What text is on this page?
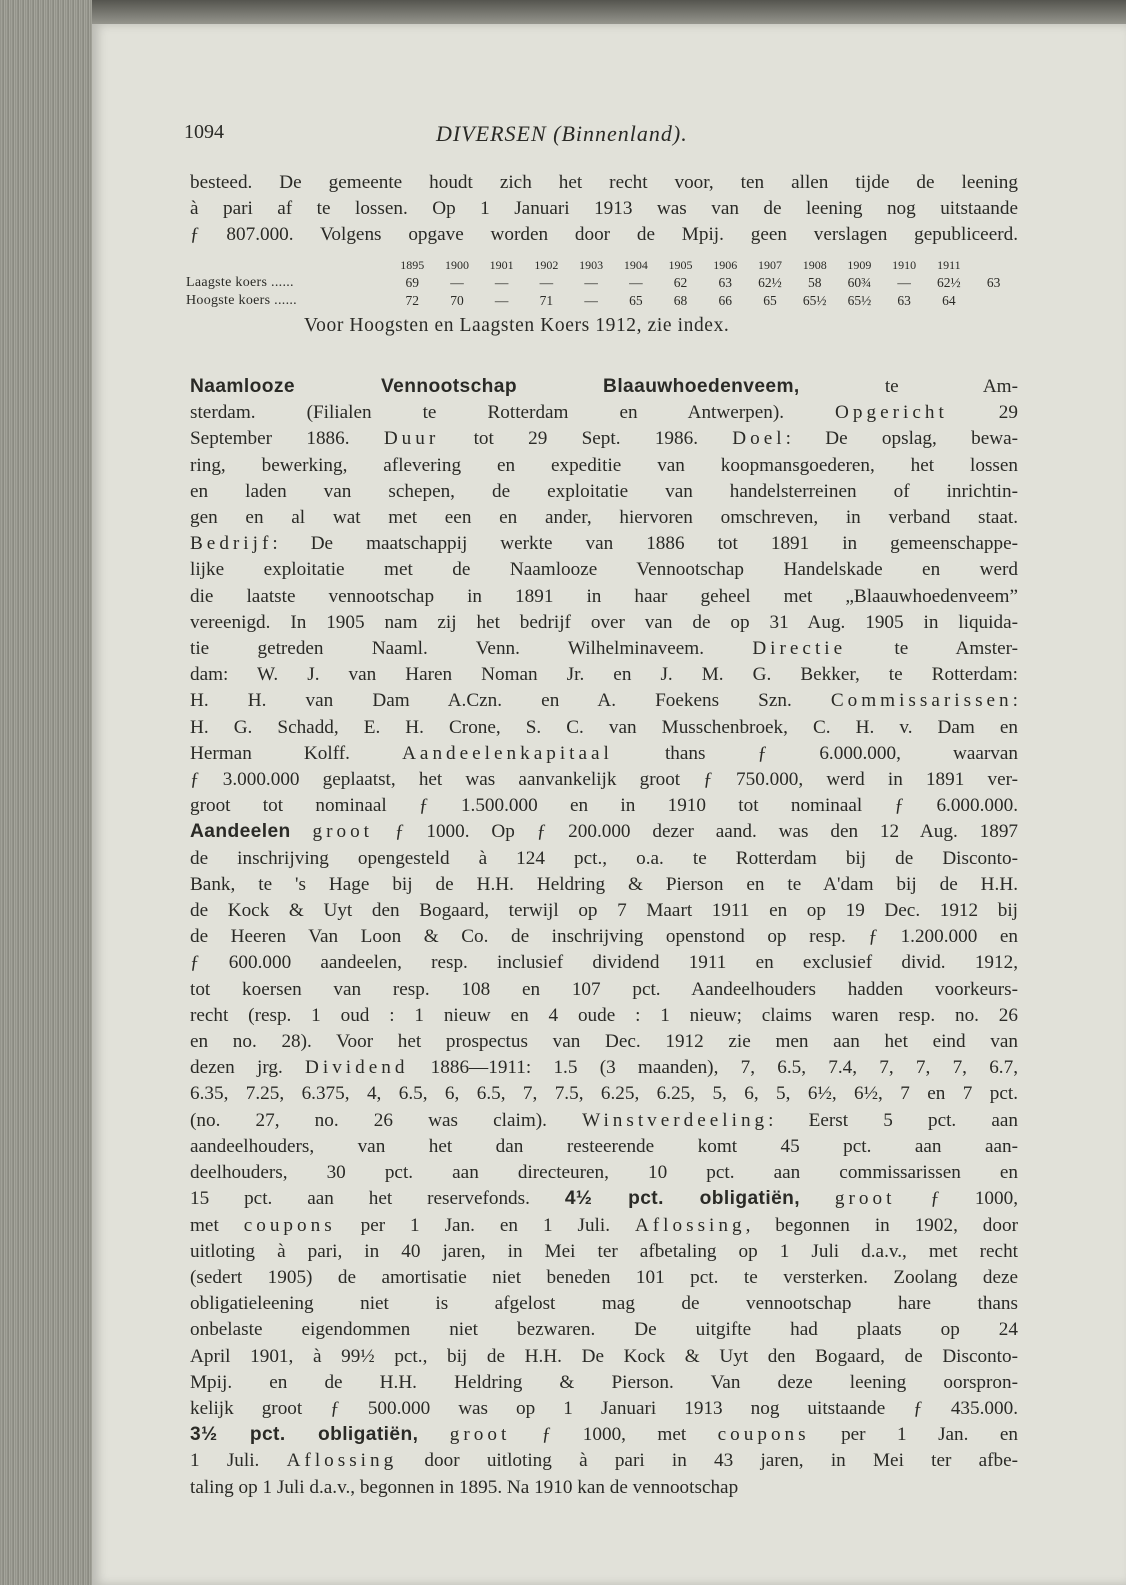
1094	DIVERSEN (Binnenland).
besteed. De gemeente houdt zich het recht voor, ten allen tijde de leening
à pari af te lossen. Op 1 Januari 1913 was van de leening nog uitstaande
ƒ 807.000. Volgens opgave worden door de Mpij. geen verslagen gepubliceerd.
	1895	1900	1901	1902	1903	1904	1905	1906	1907	1908	1909	1910	1911	
Laagste koers ......	69	—	—	—	—	—	62	63	62½	58	60¾	—	62½	63
Hoogste koers ......	72	70	—	71	—	65	68	66	65	65½	65½	63	64	
Voor Hoogsten en Laagsten Koers 1912, zie index.
Naamlooze Vennootschap Blaauwhoedenveem, te Am-
sterdam. (Filialen te Rotterdam en Antwerpen). Opgericht 29
September 1886. Duur tot 29 Sept. 1986. Doel: De opslag, bewa-
ring, bewerking, aflevering en expeditie van koopmansgoederen, het lossen
en laden van schepen, de exploitatie van handelsterreinen of inrichtin-
gen en al wat met een en ander, hiervoren omschreven, in verband staat.
Bedrijf: De maatschappij werkte van 1886 tot 1891 in gemeenschappe-
lijke exploitatie met de Naamlooze Vennootschap Handelskade en werd
die laatste vennootschap in 1891 in haar geheel met „Blaauwhoedenveem”
vereenigd. In 1905 nam zij het bedrijf over van de op 31 Aug. 1905 in liquida-
tie getreden Naaml. Venn. Wilhelminaveem. Directie te Amster-
dam: W. J. van Haren Noman Jr. en J. M. G. Bekker, te Rotterdam:
H. H. van Dam A.Czn. en A. Foekens Szn. Commissarissen:
H. G. Schadd, E. H. Crone, S. C. van Musschenbroek, C. H. v. Dam en
Herman Kolff. Aandeelenkapitaal thans ƒ 6.000.000, waarvan
ƒ 3.000.000 geplaatst, het was aanvankelijk groot ƒ 750.000, werd in 1891 ver-
groot tot nominaal ƒ 1.500.000 en in 1910 tot nominaal ƒ 6.000.000.
Aandeelen groot ƒ 1000. Op ƒ 200.000 dezer aand. was den 12 Aug. 1897
de inschrijving opengesteld à 124 pct., o.a. te Rotterdam bij de Disconto-
Bank, te 's Hage bij de H.H. Heldring & Pierson en te A'dam bij de H.H.
de Kock & Uyt den Bogaard, terwijl op 7 Maart 1911 en op 19 Dec. 1912 bij
de Heeren Van Loon & Co. de inschrijving openstond op resp. ƒ 1.200.000 en
ƒ 600.000 aandeelen, resp. inclusief dividend 1911 en exclusief divid. 1912,
tot koersen van resp. 108 en 107 pct. Aandeelhouders hadden voorkeurs-
recht (resp. 1 oud : 1 nieuw en 4 oude : 1 nieuw; claims waren resp. no. 26
en no. 28). Voor het prospectus van Dec. 1912 zie men aan het eind van
dezen jrg. Dividend 1886—1911: 1.5 (3 maanden), 7, 6.5, 7.4, 7, 7, 7, 6.7,
6.35, 7.25, 6.375, 4, 6.5, 6, 6.5, 7, 7.5, 6.25, 6.25, 5, 6, 5, 6½, 6½, 7 en 7 pct.
(no. 27, no. 26 was claim). Winstverdeeling: Eerst 5 pct. aan
aandeelhouders, van het dan resteerende komt 45 pct. aan aan-
deelhouders, 30 pct. aan directeuren, 10 pct. aan commissarissen en
15 pct. aan het reservefonds. 4½ pct. obligatiën, groot ƒ 1000,
met coupons per 1 Jan. en 1 Juli. Aflossing, begonnen in 1902, door
uitloting à pari, in 40 jaren, in Mei ter afbetaling op 1 Juli d.a.v., met recht
(sedert 1905) de amortisatie niet beneden 101 pct. te versterken. Zoolang deze
obligatieleening niet is afgelost mag de vennootschap hare thans
onbelaste eigendommen niet bezwaren. De uitgifte had plaats op 24
April 1901, à 99½ pct., bij de H.H. De Kock & Uyt den Bogaard, de Disconto-
Mpij. en de H.H. Heldring & Pierson. Van deze leening oorspron-
kelijk groot ƒ 500.000 was op 1 Januari 1913 nog uitstaande ƒ 435.000.
3½ pct. obligatiën, groot ƒ 1000, met coupons per 1 Jan. en
1 Juli. Aflossing door uitloting à pari in 43 jaren, in Mei ter afbe-
taling op 1 Juli d.a.v., begonnen in 1895. Na 1910 kan de vennootschap
